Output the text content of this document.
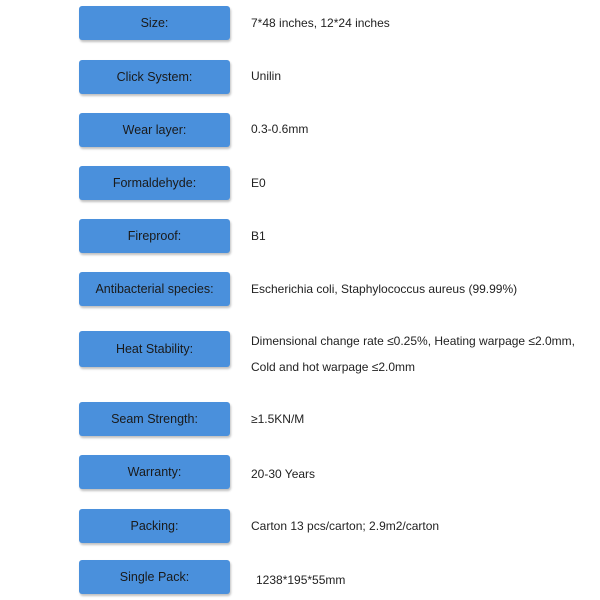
Size:	7*48 inches, 12*24 inches
Click System:	Unilin
Wear layer:	0.3-0.6mm
Formaldehyde:	E0
Fireproof:	B1
Antibacterial species:	Escherichia coli, Staphylococcus aureus (99.99%)
Heat Stability:
Dimensional change rate ≤0.25%, Heating warpage ≤2.0mm, Cold and hot warpage ≤2.0mm
Seam Strength:	≥1.5KN/M
Warranty:	20-30 Years
Packing:	Carton 13 pcs/carton; 2.9m2/carton
Single Pack:	1238*195*55mm
